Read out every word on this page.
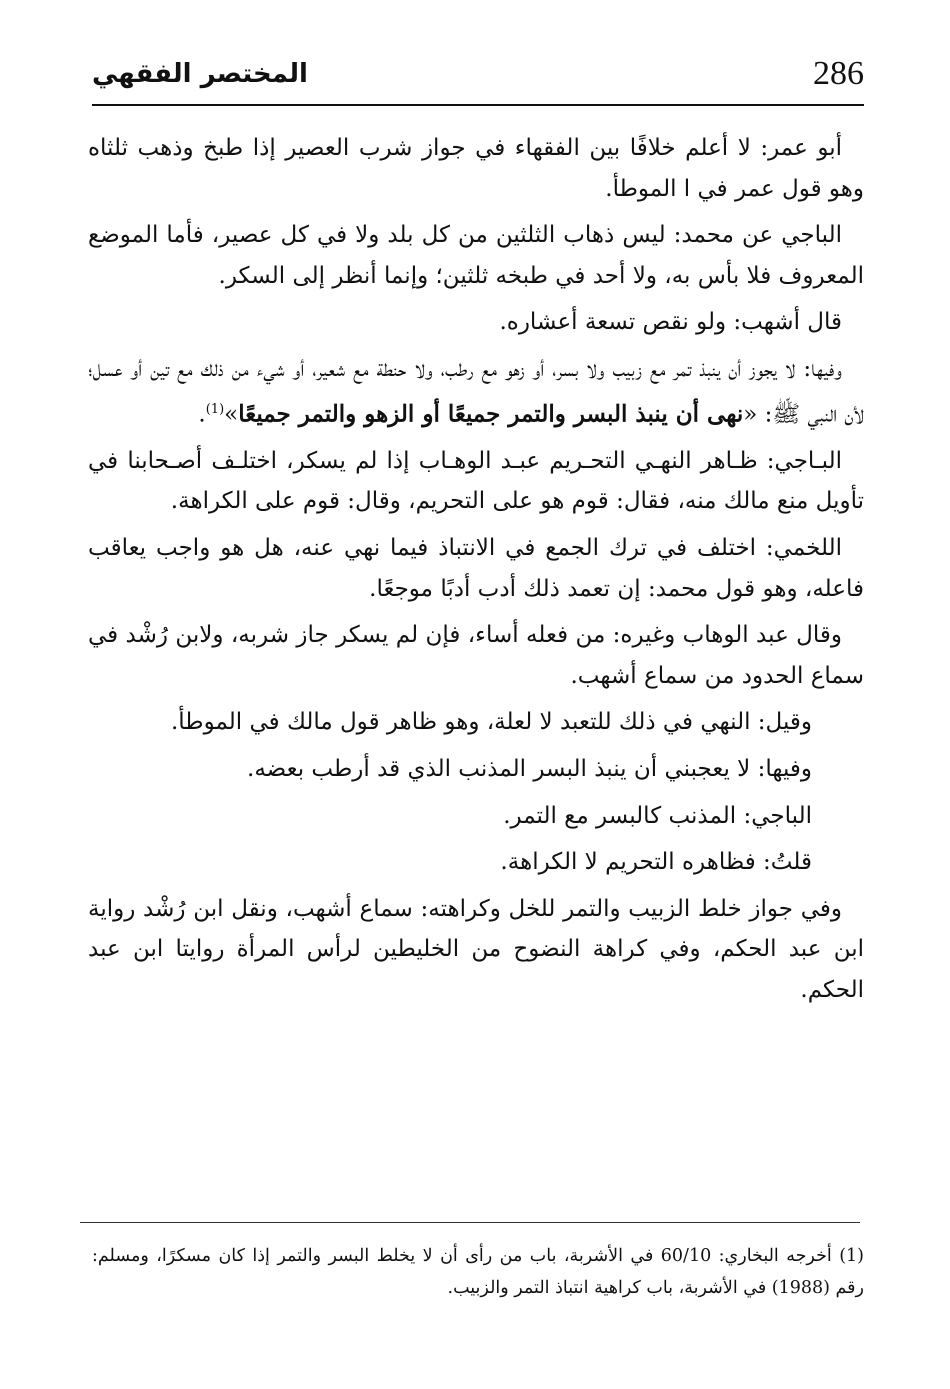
286
المختصر الفقهي

أبو عمر: لا أعلم خلافًا بين الفقهاء في جواز شرب العصير إذا طبخ وذهب ثلثاه وهو قول عمر في ا الموطأ.

الباجي عن محمد: ليس ذهاب الثلثين من كل بلد ولا في كل عصير، فأما الموضع المعروف فلا بأس به، ولا أحد في طبخه ثلثين؛ وإنما أنظر إلى السكر.

قال أشهب: ولو نقص تسعة أعشاره.

وفيها: لا يجوز أن ينبذ تمر مع زبيب ولا بسر، أو زهو مع رطب، ولا حنطة مع شعير، أو شيء من ذلك مع تين أو عسل؛ لأن النبي ﷺ: «نهى أن ينبذ البسر والتمر جميعًا أو الزهو والتمر جميعًا»$^{(1)}$.

البـاجي: ظـاهر النهـي التحـريم عبـد الوهـاب إذا لم يسكر، اختلـف أصـحابنا في تأويل منع مالك منه، فقال: قوم هو على التحريم، وقال: قوم على الكراهة.

اللخمي: اختلف في ترك الجمع في الانتباذ فيما نهي عنه، هل هو واجب يعاقب فاعله، وهو قول محمد: إن تعمد ذلك أدب أدبًا موجعًا.

وقال عبد الوهاب وغيره: من فعله أساء، فإن لم يسكر جاز شربه، ولابن رُشْد في سماع الحدود من سماع أشهب.

وقيل: النهي في ذلك للتعبد لا لعلة، وهو ظاهر قول مالك في الموطأ.

وفيها: لا يعجبني أن ينبذ البسر المذنب الذي قد أرطب بعضه.

الباجي: المذنب كالبسر مع التمر.

قلتُ: فظاهره التحريم لا الكراهة.

وفي جواز خلط الزبيب والتمر للخل وكراهته: سماع أشهب، ونقل ابن رُشْد رواية ابن عبد الحكم، وفي كراهة النضوح من الخليطين لرأس المرأة روايتا ابن عبد الحكم.

(1) أخرجه البخاري: 60/10 في الأشربة، باب من رأى أن لا يخلط البسر والتمر إذا كان مسكرًا، ومسلم: رقم (1988) في الأشربة، باب كراهية انتباذ التمر والزبيب.
